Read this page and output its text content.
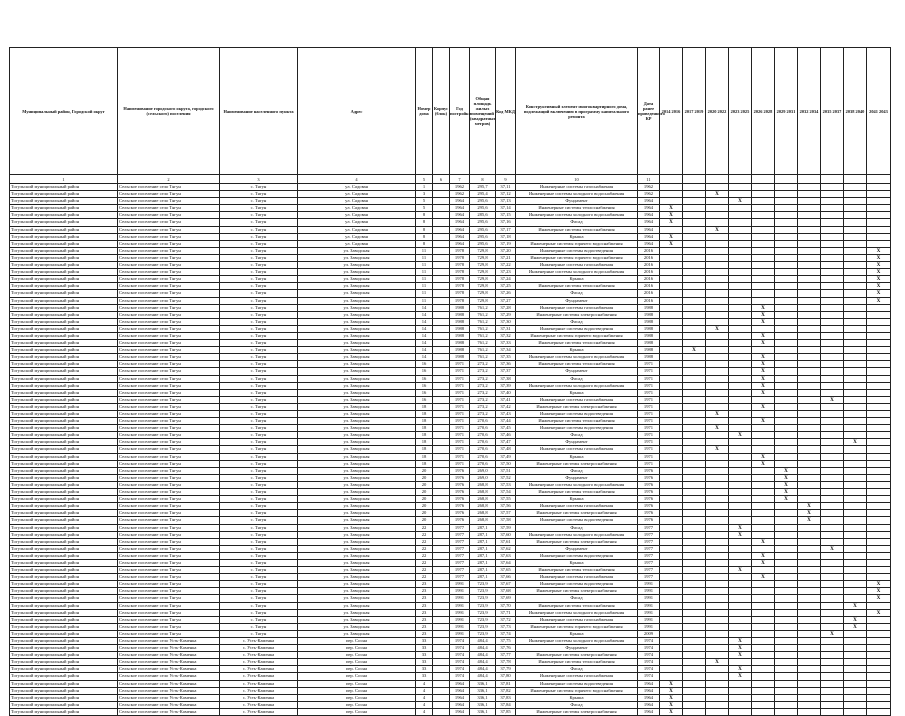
Муниципальный район, Городской округ	Наименование городского округа, городского (сельского) поселения	Наименование населенного пункта	Адрес	Номер дома	Корпус (блок)	Год постройки	Общая площадь жилых помещений (квадратных метров)	Код МКД	Конструктивный элемент многоквартирного дома, подлежащий включению в программу капитального ремонта	Дата ранее проведенного КР	2014 2016	2017 2019	2020 2022	2023 2025	2026 2028	2029 2031	2032 2034	2035 2037	2038 2040	2041 2043
1	2	3	4	5	6	7	8	9	10	11										
Тогульский муниципальный район	Сельское поселение село Тягун	с. Тягун	ул. Садовая	1		1962	295,7	37,11	Инженерные системы газоснабжения	1962										
Тогульский муниципальный район	Сельское поселение село Тягун	с. Тягун	ул. Садовая	3		1962	295,4	37,12	Инженерные системы холодного водоснабжения	1962			X							
Тогульский муниципальный район	Сельское поселение село Тягун	с. Тягун	ул. Садовая	5		1964	295,6	37,13	Фундамент	1964				X						
Тогульский муниципальный район	Сельское поселение село Тягун	с. Тягун	ул. Садовая	5		1964	295,6	37,14	Инженерные системы теплоснабжения	1964	X									
Тогульский муниципальный район	Сельское поселение село Тягун	с. Тягун	ул. Садовая	8		1964	285,6	37,15	Инженерные системы холодного водоснабжения	1964	X									
Тогульский муниципальный район	Сельское поселение село Тягун	с. Тягун	ул. Садовая	8		1964	295,6	37,16	Фасад	1964	X									
Тогульский муниципальный район	Сельское поселение село Тягун	с. Тягун	ул. Садовая	8		1964	295,6	37,17	Инженерные системы теплоснабжения	1964			X							
Тогульский муниципальный район	Сельское поселение село Тягун	с. Тягун	ул. Садовая	8		1964	295,6	37,18	Крыша	1964	X									
Тогульский муниципальный район	Сельское поселение село Тягун	с. Тягун	ул. Садовая	8		1964	295,6	37,19	Инженерные системы горячего водоснабжения	1964	X									
Тогульский муниципальный район	Сельское поселение село Тягун	с. Тягун	ул. Заводская	11		1978	729,8	37,20	Инженерные системы водоотведения	2016										X
Тогульский муниципальный район	Сельское поселение село Тягун	с. Тягун	ул. Заводская	11		1978	729,8	37,21	Инженерные системы горячего водоснабжения	2016										X
Тогульский муниципальный район	Сельское поселение село Тягун	с. Тягун	ул. Заводская	11		1978	729,8	37,22	Инженерные системы газоснабжения	2016										X
Тогульский муниципальный район	Сельское поселение село Тягун	с. Тягун	ул. Заводская	11		1978	729,8	37,23	Инженерные системы холодного водоснабжения	2016										X
Тогульский муниципальный район	Сельское поселение село Тягун	с. Тягун	ул. Заводская	11		1978	729,8	37,24	Крыша	2016										X
Тогульский муниципальный район	Сельское поселение село Тягун	с. Тягун	ул. Заводская	11		1978	729,8	37,25	Инженерные системы теплоснабжения	2016										X
Тогульский муниципальный район	Сельское поселение село Тягун	с. Тягун	ул. Заводская	11		1978	729,8	37,26	Фасад	2016										X
Тогульский муниципальный район	Сельское поселение село Тягун	с. Тягун	ул. Заводская	11		1978	729,8	37,27	Фундамент	2016										X
Тогульский муниципальный район	Сельское поселение село Тягун	с. Тягун	ул. Заводская	14		1988	761,2	37,28	Инженерные системы газоснабжения	1988					X					
Тогульский муниципальный район	Сельское поселение село Тягун	с. Тягун	ул. Заводская	14		1988	761,2	37,29	Инженерные системы электроснабжения	1988					X					
Тогульский муниципальный район	Сельское поселение село Тягун	с. Тягун	ул. Заводская	14		1988	761,2	37,30	Фасад	1988					X					
Тогульский муниципальный район	Сельское поселение село Тягун	с. Тягун	ул. Заводская	14		1988	761,2	37,31	Инженерные системы водоотведения	1988			X							
Тогульский муниципальный район	Сельское поселение село Тягун	с. Тягун	ул. Заводская	14		1988	761,2	37,32	Инженерные системы горячего водоснабжения	1988					X					
Тогульский муниципальный район	Сельское поселение село Тягун	с. Тягун	ул. Заводская	14		1988	761,2	37,33	Инженерные системы теплоснабжения	1988					X					
Тогульский муниципальный район	Сельское поселение село Тягун	с. Тягун	ул. Заводская	14		1988	761,2	37,34	Крыша	1988		X								
Тогульский муниципальный район	Сельское поселение село Тягун	с. Тягун	ул. Заводская	14		1988	761,2	37,35	Инженерные системы холодного водоснабжения	1988					X					
Тогульский муниципальный район	Сельское поселение село Тягун	с. Тягун	ул. Заводская	16		1971	273,2	37,36	Инженерные системы теплоснабжения	1971					X					
Тогульский муниципальный район	Сельское поселение село Тягун	с. Тягун	ул. Заводская	16		1971	273,2	37,37	Фундамент	1971					X					
Тогульский муниципальный район	Сельское поселение село Тягун	с. Тягун	ул. Заводская	16		1971	273,2	37,38	Фасад	1971					X					
Тогульский муниципальный район	Сельское поселение село Тягун	с. Тягун	ул. Заводская	16		1971	273,2	37,39	Инженерные системы холодного водоснабжения	1971					X					
Тогульский муниципальный район	Сельское поселение село Тягун	с. Тягун	ул. Заводская	16		1971	273,2	37,40	Крыша	1971					X					
Тогульский муниципальный район	Сельское поселение село Тягун	с. Тягун	ул. Заводская	16		1971	273,2	37,41	Инженерные системы газоснабжения	1971								X		
Тогульский муниципальный район	Сельское поселение село Тягун	с. Тягун	ул. Заводская	18		1971	273,2	37,42	Инженерные системы электроснабжения	1971					X					
Тогульский муниципальный район	Сельское поселение село Тягун	с. Тягун	ул. Заводская	18		1971	273,2	37,43	Инженерные системы водоотведения	1971			X							
Тогульский муниципальный район	Сельское поселение село Тягун	с. Тягун	ул. Заводская	18		1971	270,6	37,44	Инженерные системы теплоснабжения	1971					X					
Тогульский муниципальный район	Сельское поселение село Тягун	с. Тягун	ул. Заводская	18		1971	270,6	37,45	Инженерные системы водоотведения	1971			X							
Тогульский муниципальный район	Сельское поселение село Тягун	с. Тягун	ул. Заводская	18		1971	270,6	37,46	Фасад	1971				X						
Тогульский муниципальный район	Сельское поселение село Тягун	с. Тягун	ул. Заводская	18		1971	270,6	37,47	Фундамент	1971									X	
Тогульский муниципальный район	Сельское поселение село Тягун	с. Тягун	ул. Заводская	18		1971	270,6	37,48	Инженерные системы газоснабжения	1971			X							
Тогульский муниципальный район	Сельское поселение село Тягун	с. Тягун	ул. Заводская	18		1971	270,6	37,49	Крыша	1971					X					
Тогульский муниципальный район	Сельское поселение село Тягун	с. Тягун	ул. Заводская	18		1971	270,6	37,50	Инженерные системы электроснабжения	1971					X					
Тогульский муниципальный район	Сельское поселение село Тягун	с. Тягун	ул. Заводская	20		1976	269,0	37,51	Фасад	1976						X				
Тогульский муниципальный район	Сельское поселение село Тягун	с. Тягун	ул. Заводская	20		1976	269,0	37,52	Фундамент	1976						X				
Тогульский муниципальный район	Сельское поселение село Тягун	с. Тягун	ул. Заводская	20		1976	268,8	37,53	Инженерные системы холодного водоснабжения	1976						X				
Тогульский муниципальный район	Сельское поселение село Тягун	с. Тягун	ул. Заводская	20		1976	268,8	37,54	Инженерные системы теплоснабжения	1976						X				
Тогульский муниципальный район	Сельское поселение село Тягун	с. Тягун	ул. Заводская	20		1976	268,8	37,55	Крыша	1976						X				
Тогульский муниципальный район	Сельское поселение село Тягун	с. Тягун	ул. Заводская	20		1976	268,8	37,56	Инженерные системы газоснабжения	1976							X			
Тогульский муниципальный район	Сельское поселение село Тягун	с. Тягун	ул. Заводская	20		1976	268,8	37,57	Инженерные системы электроснабжения	1976							X			
Тогульский муниципальный район	Сельское поселение село Тягун	с. Тягун	ул. Заводская	20		1976	268,8	37,58	Инженерные системы водоотведения	1976							X			
Тогульский муниципальный район	Сельское поселение село Тягун	с. Тягун	ул. Заводская	22		1977	287,1	37,59	Фасад	1977				X						
Тогульский муниципальный район	Сельское поселение село Тягун	с. Тягун	ул. Заводская	22		1977	287,1	37,60	Инженерные системы холодного водоснабжения	1977				X						
Тогульский муниципальный район	Сельское поселение село Тягун	с. Тягун	ул. Заводская	22		1977	287,1	37,61	Инженерные системы электроснабжения	1977					X					
Тогульский муниципальный район	Сельское поселение село Тягун	с. Тягун	ул. Заводская	22		1977	287,1	37,62	Фундамент	1977								X		
Тогульский муниципальный район	Сельское поселение село Тягун	с. Тягун	ул. Заводская	22		1977	287,1	37,63	Инженерные системы водоотведения	1977					X					
Тогульский муниципальный район	Сельское поселение село Тягун	с. Тягун	ул. Заводская	22		1977	287,1	37,64	Крыша	1977					X					
Тогульский муниципальный район	Сельское поселение село Тягун	с. Тягун	ул. Заводская	22		1977	287,1	37,65	Инженерные системы теплоснабжения	1977				X						
Тогульский муниципальный район	Сельское поселение село Тягун	с. Тягун	ул. Заводская	22		1977	287,1	37,66	Инженерные системы газоснабжения	1977					X					
Тогульский муниципальный район	Сельское поселение село Тягун	с. Тягун	ул. Заводская	23		1991	723,9	37,67	Инженерные системы водоотведения	1991										X
Тогульский муниципальный район	Сельское поселение село Тягун	с. Тягун	ул. Заводская	23		1991	723,9	37,68	Инженерные системы электроснабжения	1991										X
Тогульский муниципальный район	Сельское поселение село Тягун	с. Тягун	ул. Заводская	23		1991	723,9	37,69	Фасад	1991										X
Тогульский муниципальный район	Сельское поселение село Тягун	с. Тягун	ул. Заводская	23		1991	723,9	37,70	Инженерные системы теплоснабжения	1991									X	
Тогульский муниципальный район	Сельское поселение село Тягун	с. Тягун	ул. Заводская	23		1991	723,9	37,71	Инженерные системы холодного водоснабжения	1991										X
Тогульский муниципальный район	Сельское поселение село Тягун	с. Тягун	ул. Заводская	23		1991	723,9	37,72	Инженерные системы газоснабжения	1991									X	
Тогульский муниципальный район	Сельское поселение село Тягун	с. Тягун	ул. Заводская	23		1991	723,9	37,73	Инженерные системы горячего водоснабжения	1991									X	
Тогульский муниципальный район	Сельское поселение село Тягун	с. Тягун	ул. Заводская	23		1991	723,9	37,74	Крыша	2009								X		
Тогульский муниципальный район	Сельское поселение село Усть-Каменка	с. Усть-Каменка	пер. Сосна	33		1974	484,4	37,75	Инженерные системы холодного водоснабжения	1974				X						
Тогульский муниципальный район	Сельское поселение село Усть-Каменка	с. Усть-Каменка	пер. Сосна	33		1974	484,4	37,76	Фундамент	1974				X						
Тогульский муниципальный район	Сельское поселение село Усть-Каменка	с. Усть-Каменка	пер. Сосна	33		1974	484,4	37,77	Инженерные системы электроснабжения	1974				X						
Тогульский муниципальный район	Сельское поселение село Усть-Каменка	с. Усть-Каменка	пер. Сосна	33		1974	484,4	37,78	Инженерные системы теплоснабжения	1974			X							
Тогульский муниципальный район	Сельское поселение село Усть-Каменка	с. Усть-Каменка	пер. Сосна	33		1974	484,4	37,79	Фасад	1974				X						
Тогульский муниципальный район	Сельское поселение село Усть-Каменка	с. Усть-Каменка	пер. Сосна	33		1974	484,4	37,80	Инженерные системы газоснабжения	1974				X						
Тогульский муниципальный район	Сельское поселение село Усть-Каменка	с. Усть-Каменка	пер. Сосна	4		1964	336,1	37,81	Инженерные системы водоотведения	1964	X									
Тогульский муниципальный район	Сельское поселение село Усть-Каменка	с. Усть-Каменка	пер. Сосна	4		1964	336,1	37,82	Инженерные системы горячего водоснабжения	1964	X									
Тогульский муниципальный район	Сельское поселение село Усть-Каменка	с. Усть-Каменка	пер. Сосна	4		1964	336,1	37,83	Крыша	1964	X									
Тогульский муниципальный район	Сельское поселение село Усть-Каменка	с. Усть-Каменка	пер. Сосна	4		1964	336,1	37,84	Фасад	1964	X									
Тогульский муниципальный район	Сельское поселение село Усть-Каменка	с. Усть-Каменка	пер. Сосна	4		1964	336,1	37,85	Инженерные системы электроснабжения	1964	X									
